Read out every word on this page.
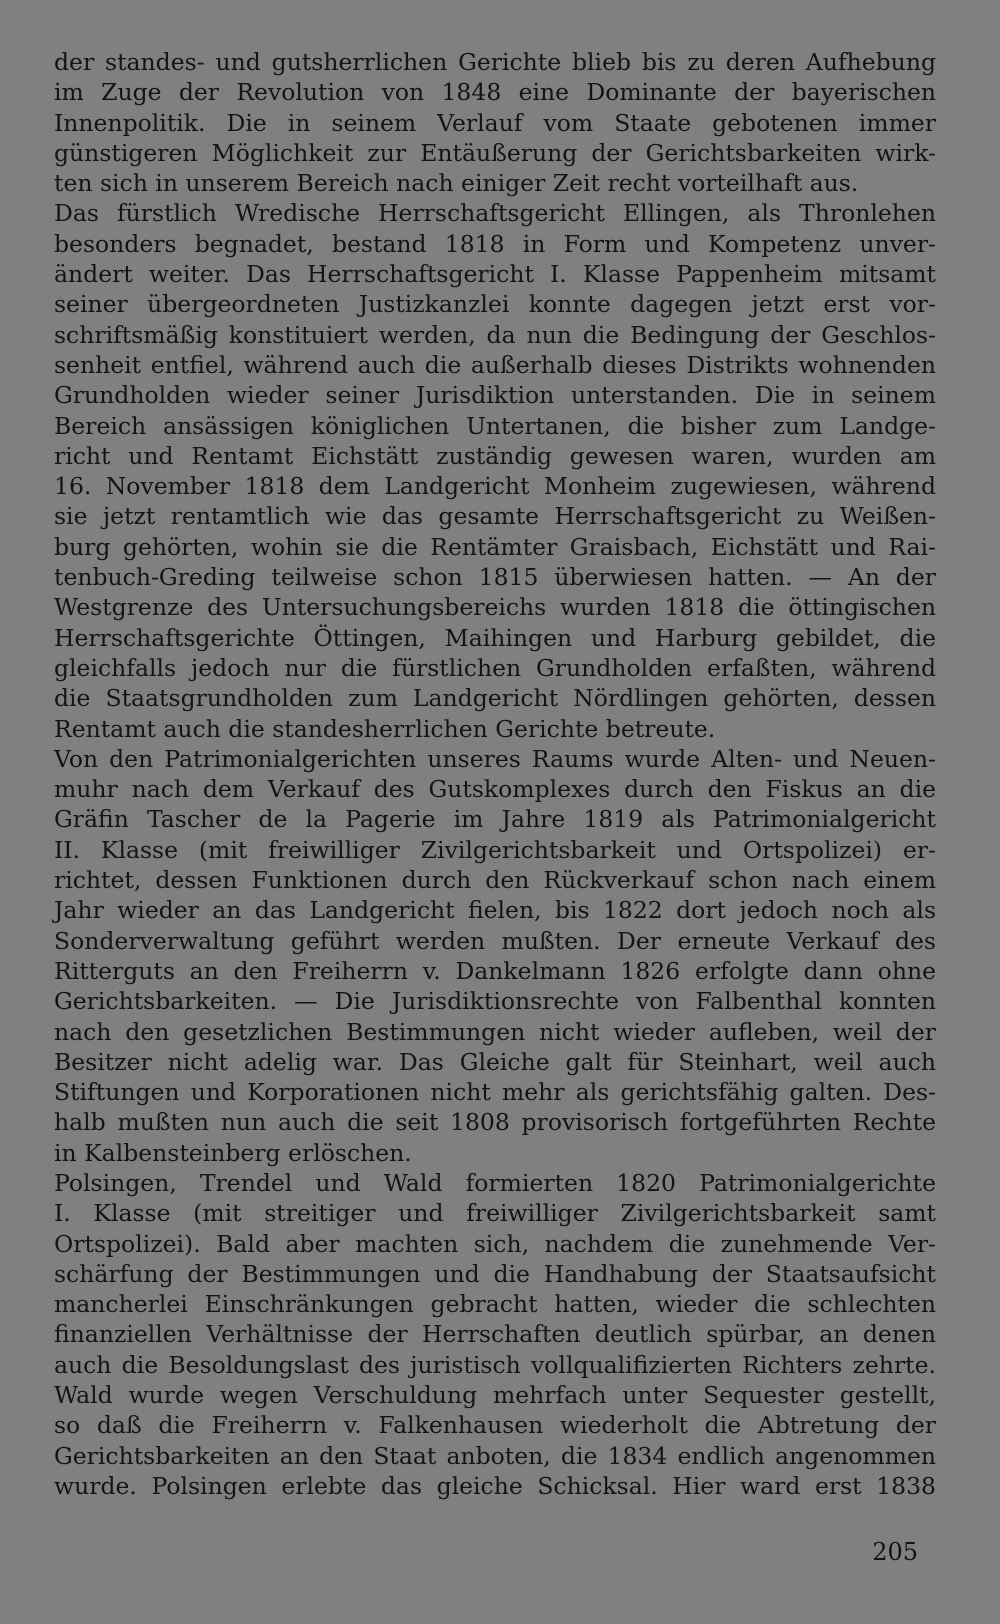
der standes- und gutsherrlichen Gerichte blieb bis zu deren Aufhebung
im Zuge der Revolution von 1848 eine Dominante der bayerischen
Innenpolitik. Die in seinem Verlauf vom Staate gebotenen immer
günstigeren Möglichkeit zur Entäußerung der Gerichtsbarkeiten wirk-
ten sich in unserem Bereich nach einiger Zeit recht vorteilhaft aus.
Das fürstlich Wredische Herrschaftsgericht Ellingen, als Thronlehen
besonders begnadet, bestand 1818 in Form und Kompetenz unver-
ändert weiter. Das Herrschaftsgericht I. Klasse Pappenheim mitsamt
seiner übergeordneten Justizkanzlei konnte dagegen jetzt erst vor-
schriftsmäßig konstituiert werden, da nun die Bedingung der Geschlos-
senheit entfiel, während auch die außerhalb dieses Distrikts wohnenden
Grundholden wieder seiner Jurisdiktion unterstanden. Die in seinem
Bereich ansässigen königlichen Untertanen, die bisher zum Landge-
richt und Rentamt Eichstätt zuständig gewesen waren, wurden am
16. November 1818 dem Landgericht Monheim zugewiesen, während
sie jetzt rentamtlich wie das gesamte Herrschaftsgericht zu Weißen-
burg gehörten, wohin sie die Rentämter Graisbach, Eichstätt und Rai-
tenbuch-Greding teilweise schon 1815 überwiesen hatten. — An der
Westgrenze des Untersuchungsbereichs wurden 1818 die öttingischen
Herrschaftsgerichte Öttingen, Maihingen und Harburg gebildet, die
gleichfalls jedoch nur die fürstlichen Grundholden erfaßten, während
die Staatsgrundholden zum Landgericht Nördlingen gehörten, dessen
Rentamt auch die standesherrlichen Gerichte betreute.
Von den Patrimonialgerichten unseres Raums wurde Alten- und Neuen-
muhr nach dem Verkauf des Gutskomplexes durch den Fiskus an die
Gräfin Tascher de la Pagerie im Jahre 1819 als Patrimonialgericht
II. Klasse (mit freiwilliger Zivilgerichtsbarkeit und Ortspolizei) er-
richtet, dessen Funktionen durch den Rückverkauf schon nach einem
Jahr wieder an das Landgericht fielen, bis 1822 dort jedoch noch als
Sonderverwaltung geführt werden mußten. Der erneute Verkauf des
Ritterguts an den Freiherrn v. Dankelmann 1826 erfolgte dann ohne
Gerichtsbarkeiten. — Die Jurisdiktionsrechte von Falbenthal konnten
nach den gesetzlichen Bestimmungen nicht wieder aufleben, weil der
Besitzer nicht adelig war. Das Gleiche galt für Steinhart, weil auch
Stiftungen und Korporationen nicht mehr als gerichtsfähig galten. Des-
halb mußten nun auch die seit 1808 provisorisch fortgeführten Rechte
in Kalbensteinberg erlöschen.
Polsingen, Trendel und Wald formierten 1820 Patrimonialgerichte
I. Klasse (mit streitiger und freiwilliger Zivilgerichtsbarkeit samt
Ortspolizei). Bald aber machten sich, nachdem die zunehmende Ver-
schärfung der Bestimmungen und die Handhabung der Staatsaufsicht
mancherlei Einschränkungen gebracht hatten, wieder die schlechten
finanziellen Verhältnisse der Herrschaften deutlich spürbar, an denen
auch die Besoldungslast des juristisch vollqualifizierten Richters zehrte.
Wald wurde wegen Verschuldung mehrfach unter Sequester gestellt,
so daß die Freiherrn v. Falkenhausen wiederholt die Abtretung der
Gerichtsbarkeiten an den Staat anboten, die 1834 endlich angenommen
wurde. Polsingen erlebte das gleiche Schicksal. Hier ward erst 1838
205
